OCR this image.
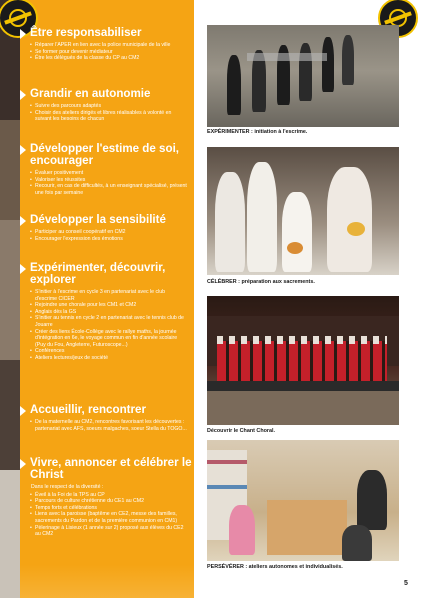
Être responsabiliser
• Réparer l'APER en lien avec la police municipale de la ville
• Se former pour devenir médiateur
• Être les délégués de la classe du CP au CM2
Grandir en autonomie
• Suivre des parcours adaptés
• Choisir des ateliers dirigés et libres réalisables à volonté en suivant les besoins de chacun
Développer l'estime de soi, encourager
• Évaluer positivement
• Valoriser les réussites
• Recourir, en cas de difficultés, à un enseignant spécialisé, présent une fois par semaine
Développer la sensibilité
• Participer au conseil coopératif en CM2
• Encourager l'expression des émotions
Expérimenter, découvrir, explorer
• S'initier à l'escrime en cycle 3 en partenariat avec le club d'escrime CICER
• Rejoindre une chorale pour les CM1 et CM2
• Anglais dès la GS
• S'initier au tennis en cycle 2 en partenariat avec le tennis club de Jouarre
• Créer des liens École-Collège avec le rallye maths, la journée d'intégration en 6e, le voyage commun en fin d'année scolaire (Puy du Fou, Angleterre, Futuroscope...)
• Conférences
• Ateliers lectures/jeux de société
Accueillir, rencontrer
• De la maternelle au CM2, rencontres favorisant les découvertes : partenariat avec AFS, soeurs malgaches, soeur Stella du TOGO...
Vivre, annoncer et célébrer le Christ
Dans le respect de la diversité :
• Éveil à la Foi de la TPS au CP
• Parcours de culture chrétienne du CE1 au CM2
• Temps forts et célébrations
• Liens avec la paroisse (baptême en CE2, messe des familles, sacrements du Pardon et de la première communion en CM1)
• Pèlerinage à Lisieux (1 année sur 2) proposé aux élèves du CE2 au CM2
EXPÉRIMENTER : initiation à l'escrime.
CÉLÉBRER : préparation aux sacrements.
Découvrir le Chant Choral.
PERSÉVÉRER : ateliers autonomes et individualisés.
5
